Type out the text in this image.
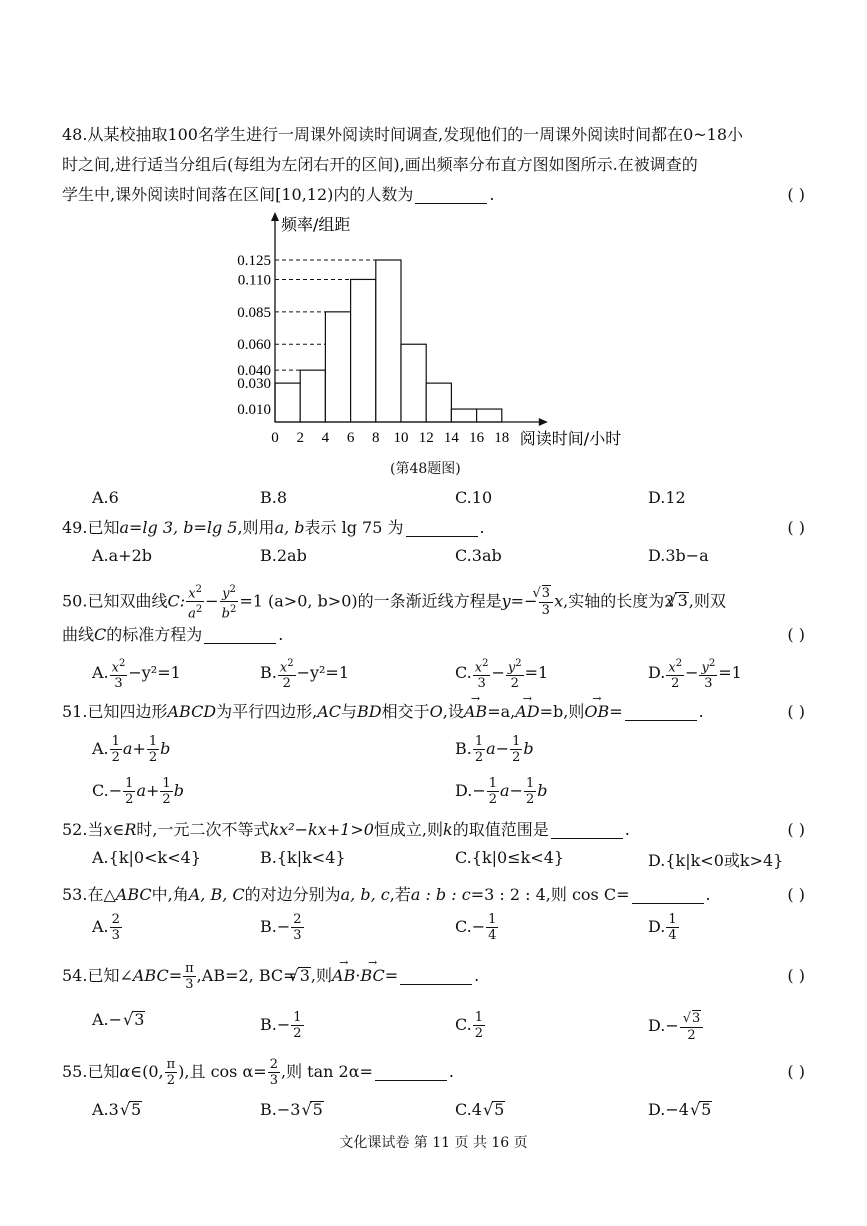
48.从某校抽取100名学生进行一周课外阅读时间调查,发现他们的一周课外阅读时间都在0~18小
时之间,进行适当分组后(每组为左闭右开的区间),画出频率分布直方图如图所示.在被调查的
学生中,课外阅读时间落在区间[10,12)内的人数为	.	( )
0.125
0.110
0.085
0.060
0.040
0.030
0.010
0 2 4 6 8 10 12 14 16 18
频率/组距
阅读时间/小时
(第48题图)
A.6	B.8	C.10	D.12
49.已知a=lg 3, b=lg 5,则用a, b表示 lg 75 为	.	( )
A.a+2b	B.2ab	C.3ab	D.3b−a
50.已知双曲线C: $\frac{x^2}{a^2} - \frac{y^2}{b^2} =1$ (a>0, b>0)的一条渐近线方程是y=− √ $\frac{3}{3} x$,实轴的长度为2 √ 3,则双
曲线C的标准方程为	.	( )
A. $\frac{x^2}{3} -y^2=1$	B. $\frac{x^2}{2} -y^2=1$	C. $\frac{x^2}{3} - \frac{y^2}{2} =1$	D. $\frac{x^2}{2} - \frac{y^2}{3} =1$
51.已知四边形ABCD为平行四边形,AC与BD相交于O,设→ AB=a,→ AD=b,则→ OB=	.	( )
A. $\frac{1}{2} a+ \frac{1}{2}$ b	B. $\frac{1}{2} a- \frac{1}{2}$ b
$C.- \frac{1}{2} a+ \frac{1}{2}$ b	$D.- \frac{1}{2} a- \frac{1}{2}$ b
52.当x∈R时,一元二次不等式kx²−kx+1>0恒成立,则k的取值范围是	.	( )
A.{k|0<k<4}	B.{k|k<4}	C.{k|0≤k<4}	D.{k|k<0或k>4}
53.在△ABC中,角A, B, C的对边分别为a, b, c,若a : b : c=3 : 2 : 4,则 cos C=	.	( )
A. $\frac{2}{3}$	$B.- \frac{2}{3}$	$C.- \frac{1}{4}$	D. $\frac{1}{4}$
54.已知∠ABC= $\frac{\pi}{3} ,AB=2$, BC= √ 3,则→ AB·→ BC=	.	( )
A.− √ 3	$B.- \frac{1}{2}$	C. $\frac{1}{2}$	D.− √ $\frac{3}{2}$
55.已知α∈(0, $\frac{\pi}{2}$ ),且 $\cos \alpha= \frac{2}{3}$ ,则 tan 2α=	.	( )
A.3 √ 5	B.−3 √ 5	C.4 √ 5	D.−4 √ 5
文化课试卷 第 11 页 共 16 页
